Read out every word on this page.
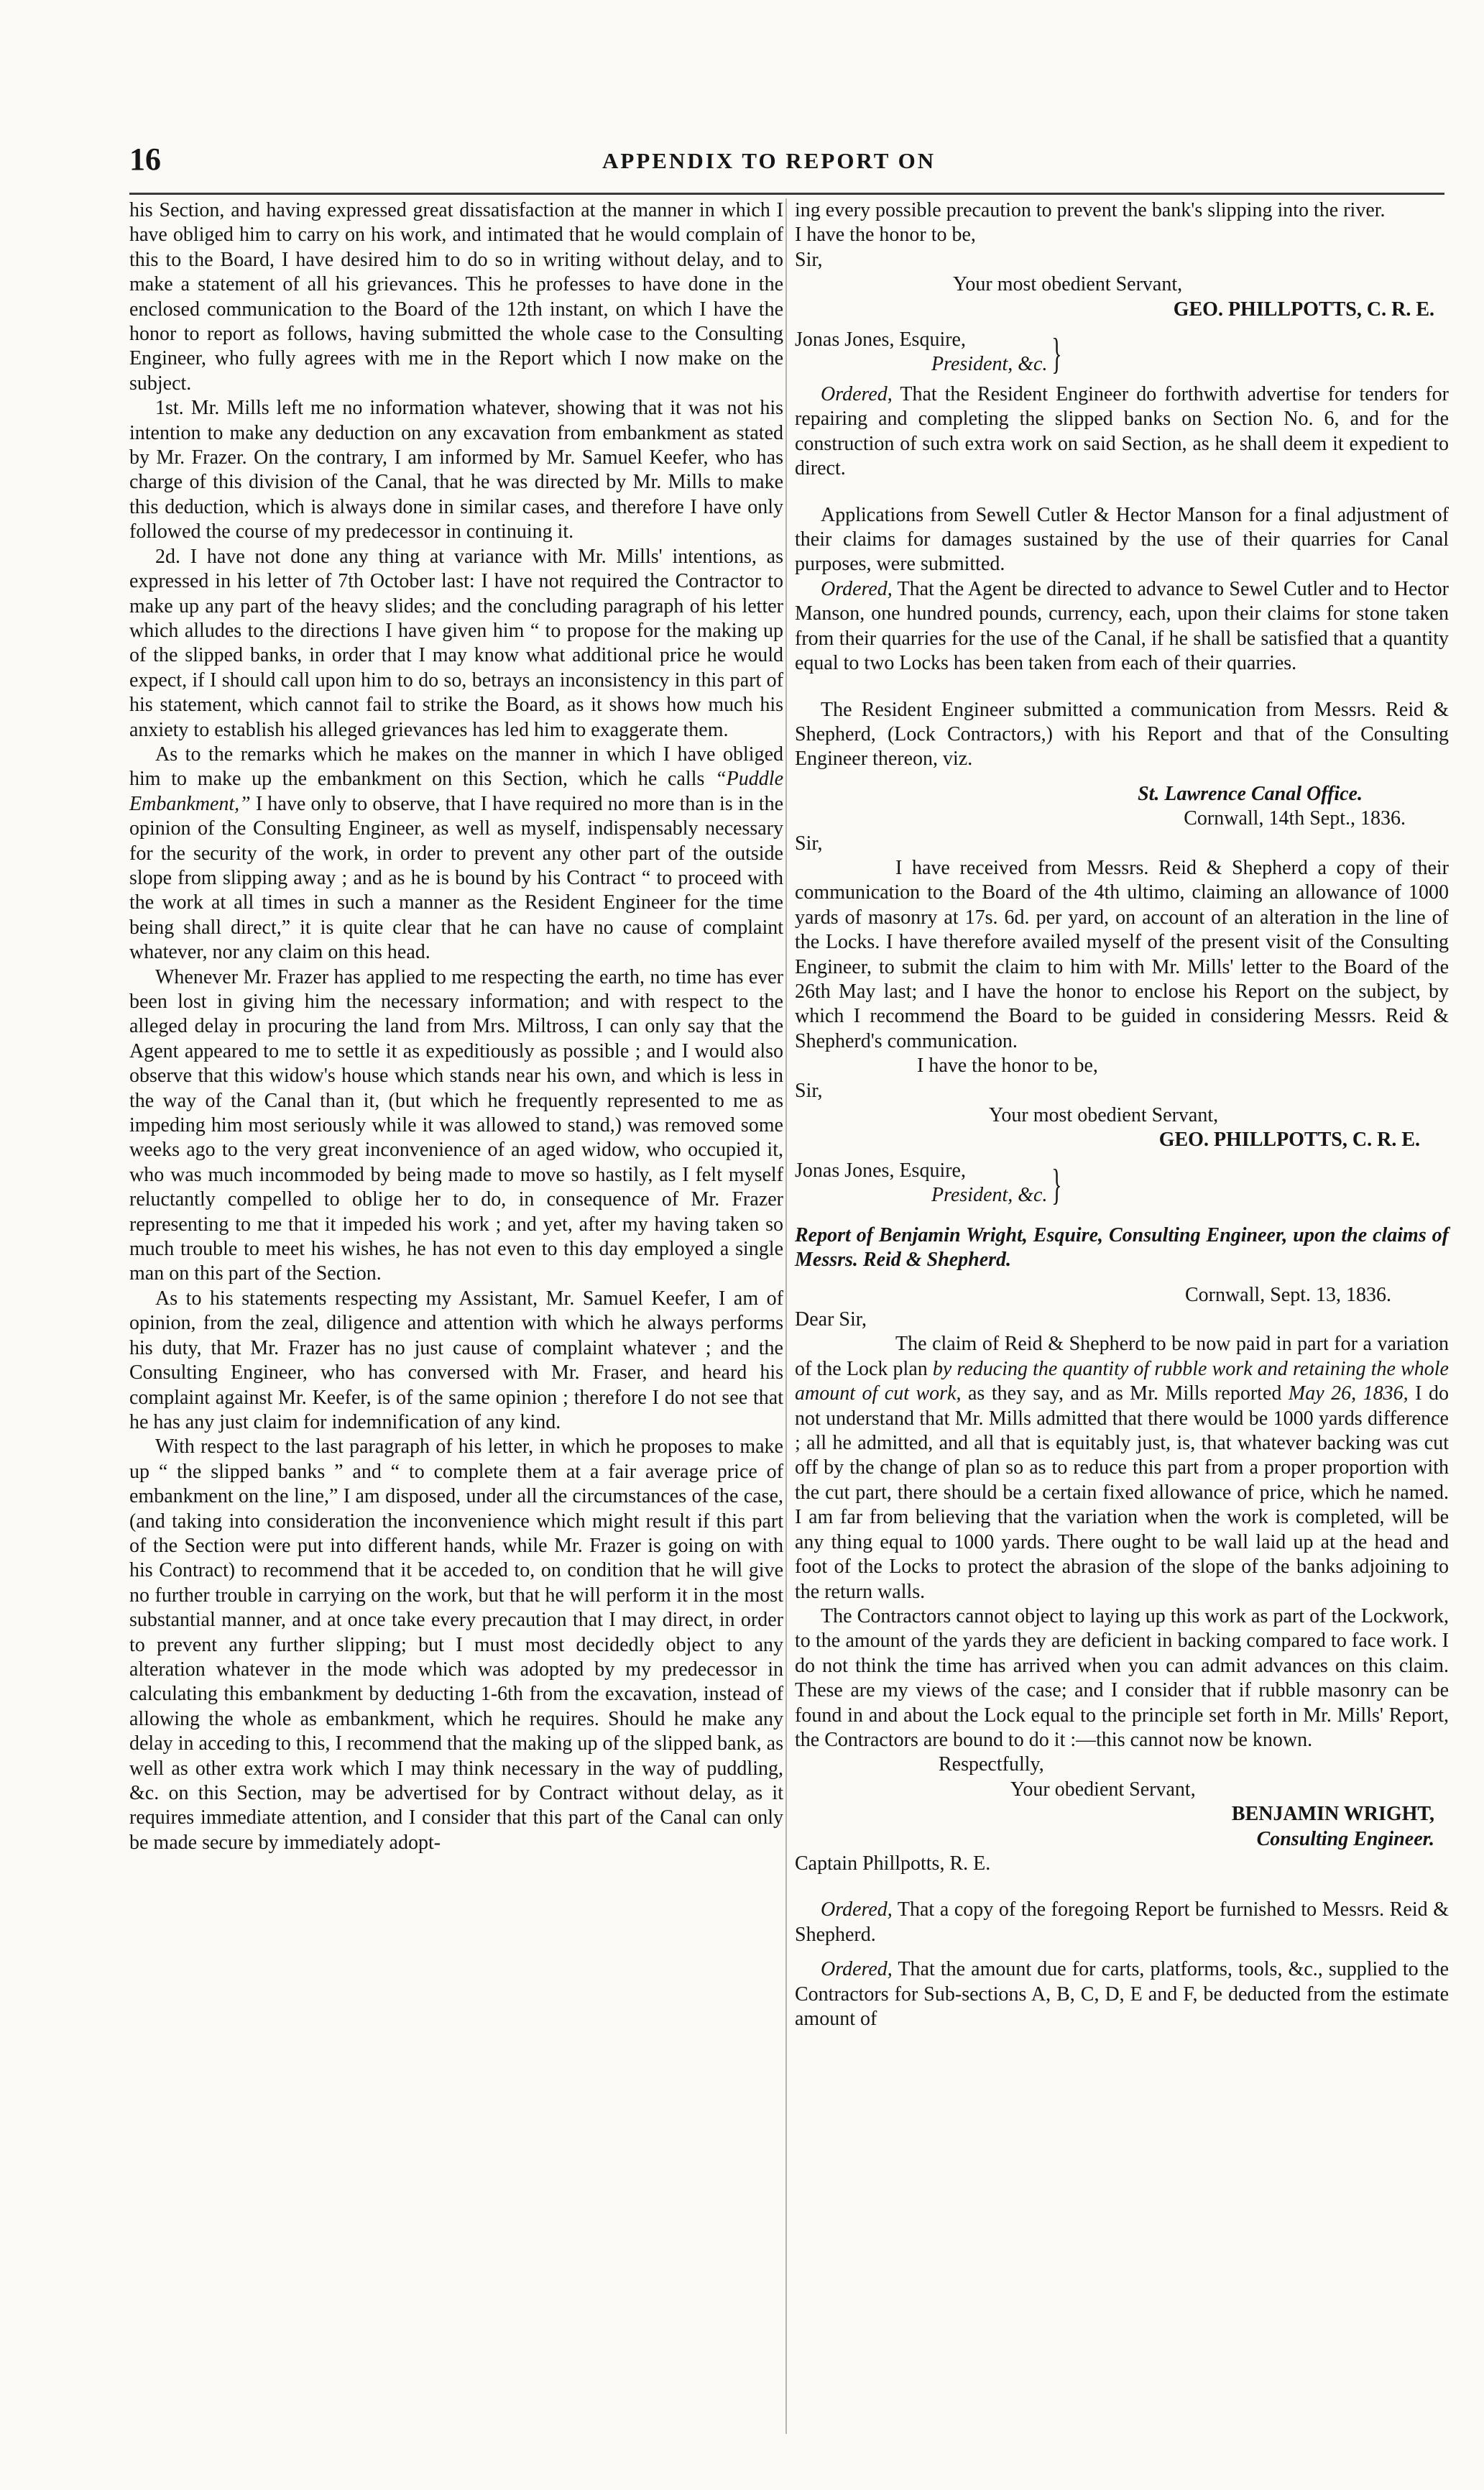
16	APPENDIX TO REPORT ON

his Section, and having expressed great dissatisfaction at the manner in which I have obliged him to carry on his work, and intimated that he would complain of this to the Board, I have desired him to do so in writing without delay, and to make a statement of all his grievances. This he professes to have done in the enclosed communication to the Board of the 12th instant, on which I have the honor to report as follows, having submitted the whole case to the Consulting Engineer, who fully agrees with me in the Report which I now make on the subject.

1st. Mr. Mills left me no information whatever, showing that it was not his intention to make any deduction on any excavation from embankment as stated by Mr. Frazer. On the contrary, I am informed by Mr. Samuel Keefer, who has charge of this division of the Canal, that he was directed by Mr. Mills to make this deduction, which is always done in similar cases, and therefore I have only followed the course of my predecessor in continuing it.

2d. I have not done any thing at variance with Mr. Mills' intentions, as expressed in his letter of 7th October last: I have not required the Contractor to make up any part of the heavy slides; and the concluding paragraph of his letter which alludes to the directions I have given him “ to propose for the making up of the slipped banks, in order that I may know what additional price he would expect, if I should call upon him to do so, betrays an inconsistency in this part of his statement, which cannot fail to strike the Board, as it shows how much his anxiety to establish his alleged grievances has led him to exaggerate them.

As to the remarks which he makes on the manner in which I have obliged him to make up the embankment on this Section, which he calls “Puddle Embankment,” I have only to observe, that I have required no more than is in the opinion of the Consulting Engineer, as well as myself, indispensably necessary for the security of the work, in order to prevent any other part of the outside slope from slipping away ; and as he is bound by his Contract “ to proceed with the work at all times in such a manner as the Resident Engineer for the time being shall direct,” it is quite clear that he can have no cause of complaint whatever, nor any claim on this head.

Whenever Mr. Frazer has applied to me respecting the earth, no time has ever been lost in giving him the necessary information; and with respect to the alleged delay in procuring the land from Mrs. Miltross, I can only say that the Agent appeared to me to settle it as expeditiously as possible ; and I would also observe that this widow's house which stands near his own, and which is less in the way of the Canal than it, (but which he frequently represented to me as impeding him most seriously while it was allowed to stand,) was removed some weeks ago to the very great inconvenience of an aged widow, who occupied it, who was much incommoded by being made to move so hastily, as I felt myself reluctantly compelled to oblige her to do, in consequence of Mr. Frazer representing to me that it impeded his work ; and yet, after my having taken so much trouble to meet his wishes, he has not even to this day employed a single man on this part of the Section.

As to his statements respecting my Assistant, Mr. Samuel Keefer, I am of opinion, from the zeal, diligence and attention with which he always performs his duty, that Mr. Frazer has no just cause of complaint whatever ; and the Consulting Engineer, who has conversed with Mr. Fraser, and heard his complaint against Mr. Keefer, is of the same opinion ; therefore I do not see that he has any just claim for indemnification of any kind.

With respect to the last paragraph of his letter, in which he proposes to make up “ the slipped banks ” and “ to complete them at a fair average price of embankment on the line,” I am disposed, under all the circumstances of the case, (and taking into consideration the inconvenience which might result if this part of the Section were put into different hands, while Mr. Frazer is going on with his Contract) to recommend that it be acceded to, on condition that he will give no further trouble in carrying on the work, but that he will perform it in the most substantial manner, and at once take every precaution that I may direct, in order to prevent any further slipping; but I must most decidedly object to any alteration whatever in the mode which was adopted by my predecessor in calculating this embankment by deducting 1-6th from the excavation, instead of allowing the whole as embankment, which he requires. Should he make any delay in acceding to this, I recommend that the making up of the slipped bank, as well as other extra work which I may think necessary in the way of puddling, &c. on this Section, may be advertised for by Contract without delay, as it requires immediate attention, and I consider that this part of the Canal can only be made secure by immediately adopt-

ing every possible precaution to prevent the bank's slipping into the river.

I have the honor to be,

Sir,

Your most obedient Servant,

GEO. PHILLPOTTS, C. R. E.

Jonas Jones, Esquire,
President, &c. }

Ordered, That the Resident Engineer do forthwith advertise for tenders for repairing and completing the slipped banks on Section No. 6, and for the construction of such extra work on said Section, as he shall deem it expedient to direct.

Applications from Sewell Cutler & Hector Manson for a final adjustment of their claims for damages sustained by the use of their quarries for Canal purposes, were submitted.

Ordered, That the Agent be directed to advance to Sewel Cutler and to Hector Manson, one hundred pounds, currency, each, upon their claims for stone taken from their quarries for the use of the Canal, if he shall be satisfied that a quantity equal to two Locks has been taken from each of their quarries.

The Resident Engineer submitted a communication from Messrs. Reid & Shepherd, (Lock Contractors,) with his Report and that of the Consulting Engineer thereon, viz.

St. Lawrence Canal Office.

Cornwall, 14th Sept., 1836.

Sir,

I have received from Messrs. Reid & Shepherd a copy of their communication to the Board of the 4th ultimo, claiming an allowance of 1000 yards of masonry at 17s. 6d. per yard, on account of an alteration in the line of the Locks. I have therefore availed myself of the present visit of the Consulting Engineer, to submit the claim to him with Mr. Mills' letter to the Board of the 26th May last; and I have the honor to enclose his Report on the subject, by which I recommend the Board to be guided in considering Messrs. Reid & Shepherd's communication.

I have the honor to be,

Sir,

Your most obedient Servant,

GEO. PHILLPOTTS, C. R. E.

Jonas Jones, Esquire,
President, &c. }

Report of Benjamin Wright, Esquire, Consulting Engineer, upon the claims of Messrs. Reid & Shepherd.

Cornwall, Sept. 13, 1836.

Dear Sir,

The claim of Reid & Shepherd to be now paid in part for a variation of the Lock plan by reducing the quantity of rubble work and retaining the whole amount of cut work, as they say, and as Mr. Mills reported May 26, 1836, I do not understand that Mr. Mills admitted that there would be 1000 yards difference ; all he admitted, and all that is equitably just, is, that whatever backing was cut off by the change of plan so as to reduce this part from a proper proportion with the cut part, there should be a certain fixed allowance of price, which he named. I am far from believing that the variation when the work is completed, will be any thing equal to 1000 yards. There ought to be wall laid up at the head and foot of the Locks to protect the abrasion of the slope of the banks adjoining to the return walls.

The Contractors cannot object to laying up this work as part of the Lockwork, to the amount of the yards they are deficient in backing compared to face work. I do not think the time has arrived when you can admit advances on this claim. These are my views of the case; and I consider that if rubble masonry can be found in and about the Lock equal to the principle set forth in Mr. Mills' Report, the Contractors are bound to do it :—this cannot now be known.

Respectfully,

Your obedient Servant,

BENJAMIN WRIGHT,

Consulting Engineer.

Captain Phillpotts, R. E.

Ordered, That a copy of the foregoing Report be furnished to Messrs. Reid & Shepherd.

Ordered, That the amount due for carts, platforms, tools, &c., supplied to the Contractors for Sub-sections A, B, C, D, E and F, be deducted from the estimate amount of
